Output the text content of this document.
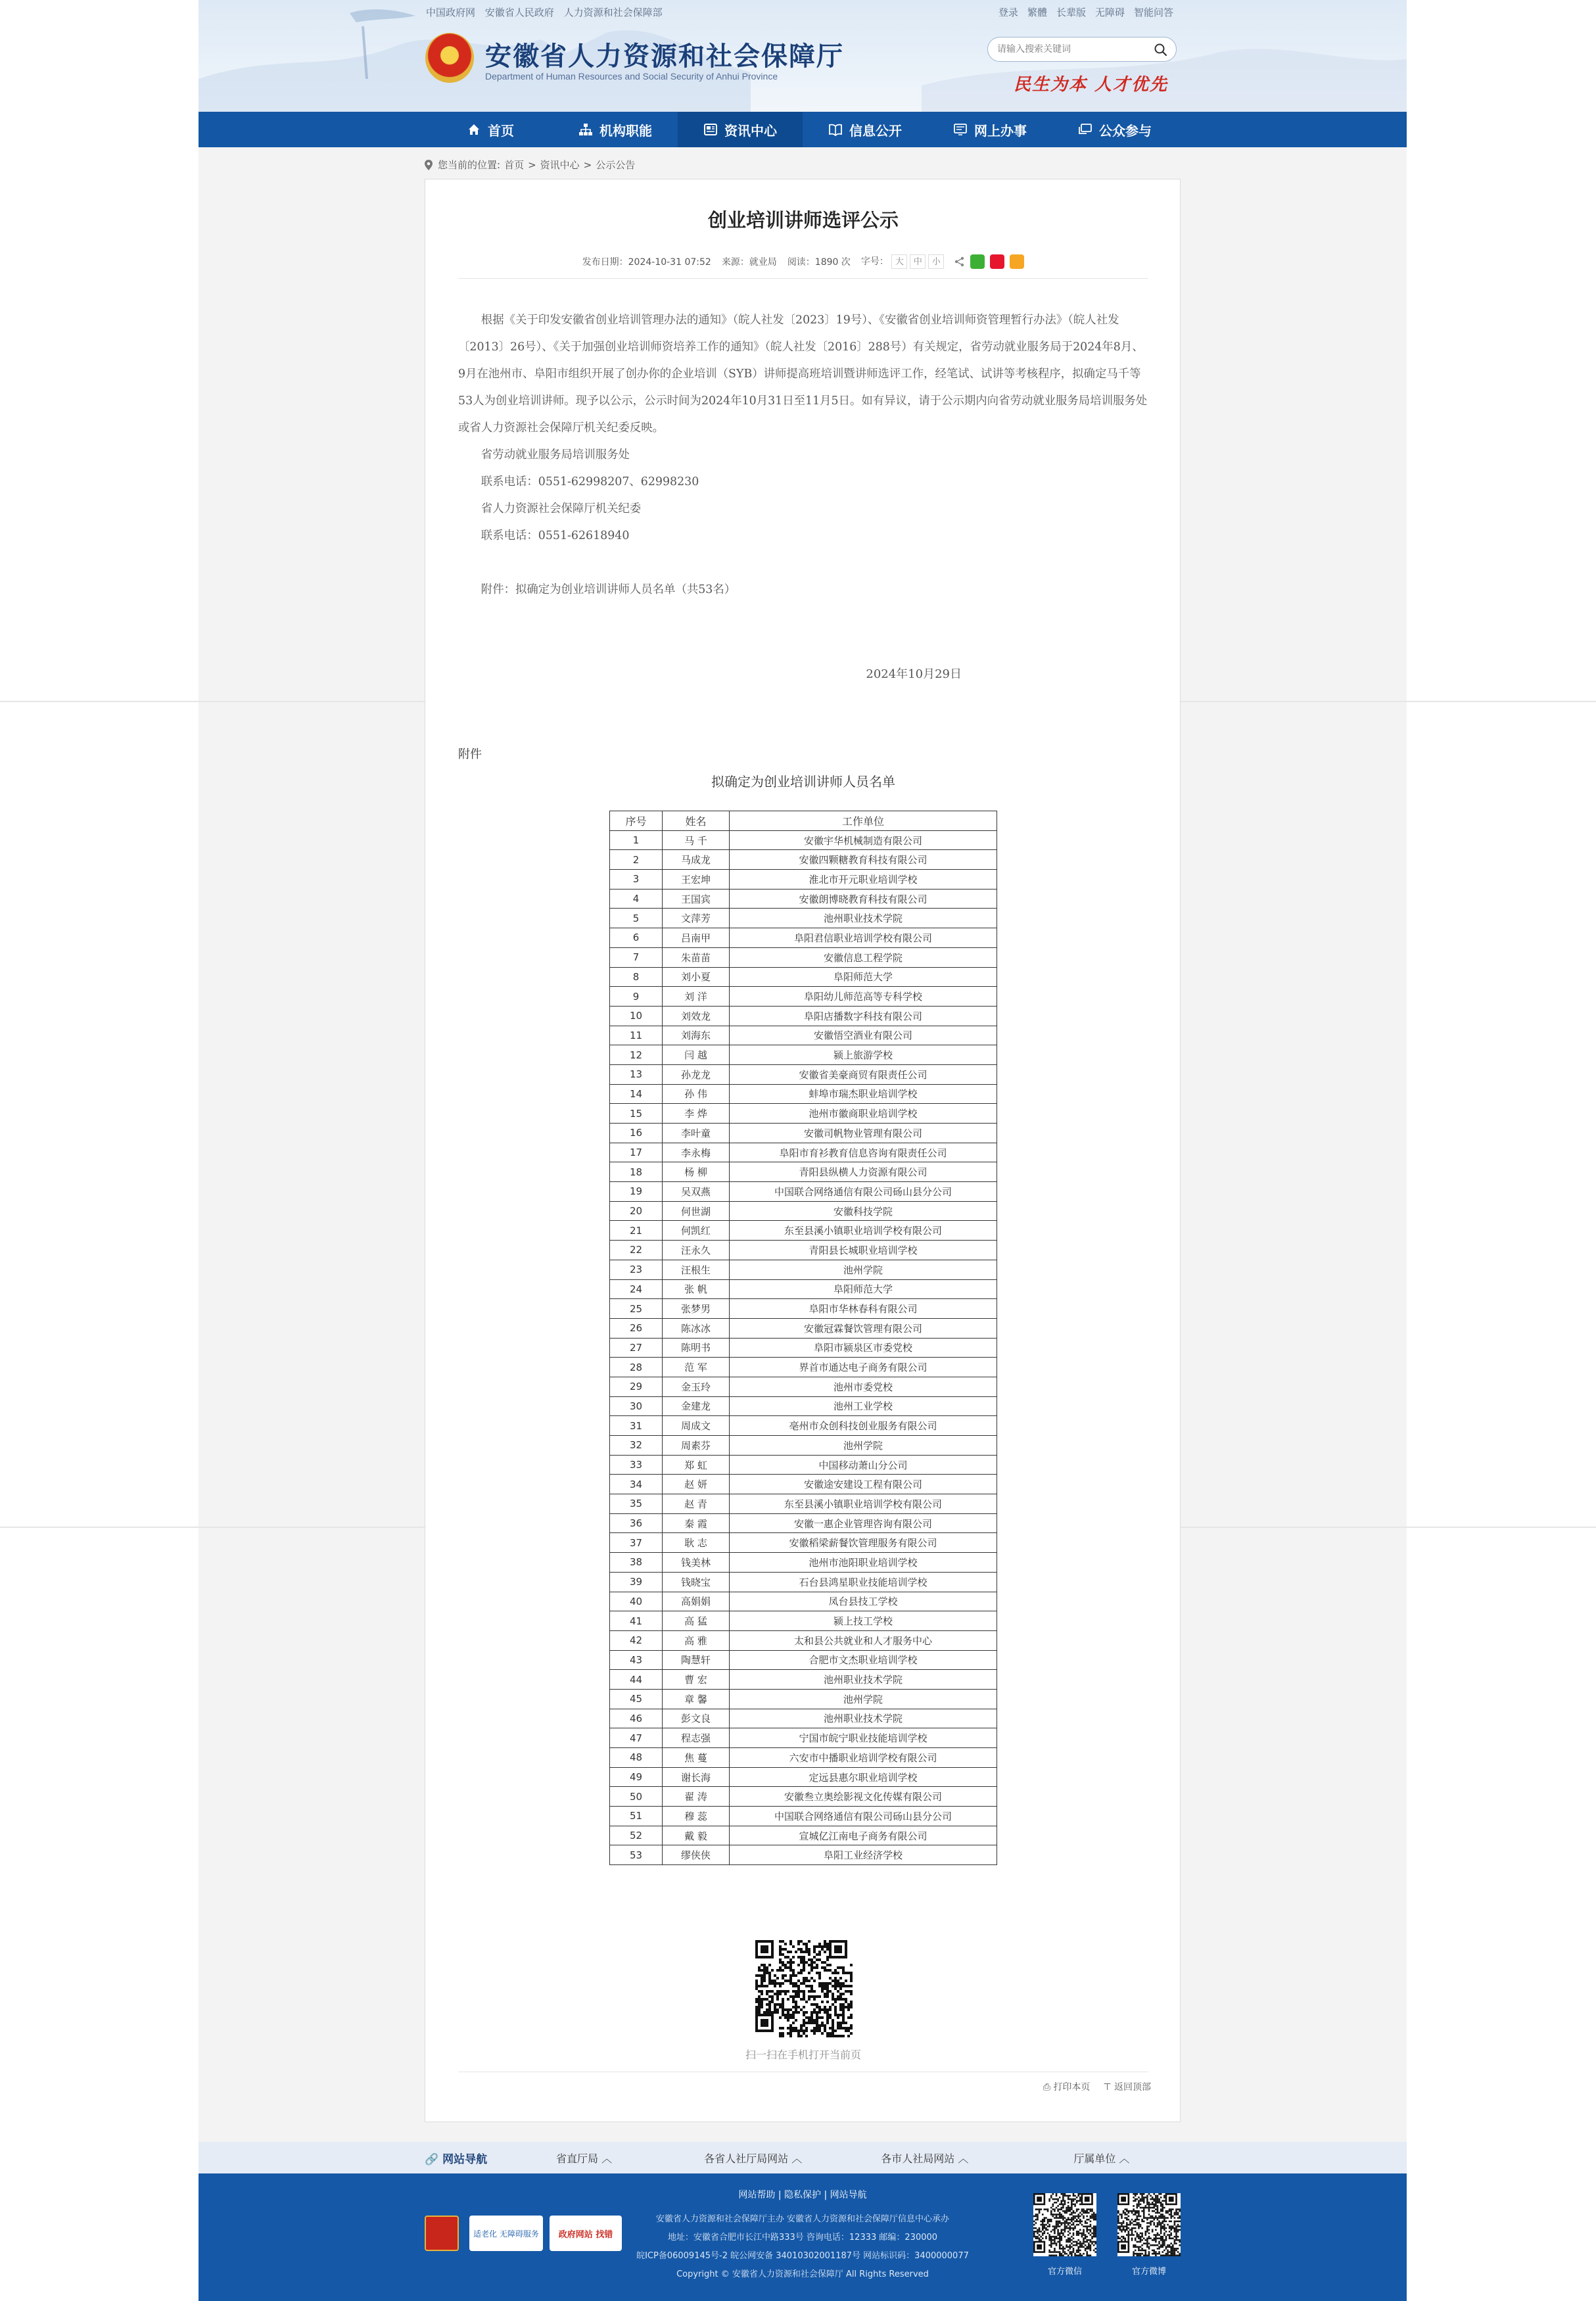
中国政府网 安徽省人民政府 人力资源和社会保障部	登录 繁體 长辈版 无障碍 智能问答
安徽省人力资源和社会保障厅
Department of Human Resources and Social Security of Anhui Province
请输入搜索关键词	民生为本 人才优先
首页	机构职能	资讯中心	信息公开	网上办事	公众参与
您当前的位置: 首页 > 资讯中心 > 公示公告
创业培训讲师选评公示
发布日期：2024-10-31 07:52 来源：就业局 阅读：1890 次 字号： 大	中	小

根据《关于印发安徽省创业培训管理办法的通知》（皖人社发〔2023〕19号）、《安徽省创业培训师资管理暂行办法》（皖人社发〔2013〕26号）、《关于加强创业培训师资培养工作的通知》（皖人社发〔2016〕288号）有关规定，省劳动就业服务局于2024年8月、9月在池州市、阜阳市组织开展了创办你的企业培训（SYB）讲师提高班培训暨讲师选评工作，经笔试、试讲等考核程序，拟确定马千等53人为创业培训讲师。现予以公示，公示时间为2024年10月31日至11月5日。如有异议，请于公示期内向省劳动就业服务局培训服务处或省人力资源社会保障厅机关纪委反映。

省劳动就业服务局培训服务处
联系电话：0551-62998207、62998230
省人力资源社会保障厅机关纪委
联系电话：0551-62618940
附件：拟确定为创业培训讲师人员名单（共53名）
2024年10月29日
附件
拟确定为创业培训讲师人员名单
序号	姓名	工作单位
1	马 千	安徽宇华机械制造有限公司
2	马成龙	安徽四颗糖教育科技有限公司
3	王宏坤	淮北市开元职业培训学校
4	王国宾	安徽朗博晓教育科技有限公司
5	文萍芳	池州职业技术学院
6	吕南甲	阜阳君信职业培训学校有限公司
7	朱苗苗	安徽信息工程学院
8	刘小夏	阜阳师范大学
9	刘 洋	阜阳幼儿师范高等专科学校
10	刘效龙	阜阳店播数字科技有限公司
11	刘海东	安徽悟空酒业有限公司
12	闫 越	颍上旅游学校
13	孙龙龙	安徽省美豪商贸有限责任公司
14	孙 伟	蚌埠市瑞杰职业培训学校
15	李 烨	池州市徽商职业培训学校
16	李叶童	安徽司帆物业管理有限公司
17	李永梅	阜阳市育衫教育信息咨询有限责任公司
18	杨 柳	青阳县纵横人力资源有限公司
19	吴双燕	中国联合网络通信有限公司砀山县分公司
20	何世湖	安徽科技学院
21	何凯红	东至县溪小镇职业培训学校有限公司
22	汪永久	青阳县长城职业培训学校
23	汪根生	池州学院
24	张 帆	阜阳师范大学
25	张梦男	阜阳市华林春科有限公司
26	陈冰冰	安徽冠霖餐饮管理有限公司
27	陈明书	阜阳市颍泉区市委党校
28	范 军	界首市通达电子商务有限公司
29	金玉玲	池州市委党校
30	金建龙	池州工业学校
31	周成文	亳州市众创科技创业服务有限公司
32	周素芬	池州学院
33	郑 虹	中国移动萧山分公司
34	赵 妍	安徽途安建设工程有限公司
35	赵 青	东至县溪小镇职业培训学校有限公司
36	秦 霞	安徽一惠企业管理咨询有限公司
37	耿 志	安徽稻梁薪餐饮管理服务有限公司
38	钱美林	池州市池阳职业培训学校
39	钱晓宝	石台县鸿星职业技能培训学校
40	高娟娟	凤台县技工学校
41	高 猛	颍上技工学校
42	高 雅	太和县公共就业和人才服务中心
43	陶慧轩	合肥市文杰职业培训学校
44	曹 宏	池州职业技术学院
45	章 馨	池州学院
46	彭文良	池州职业技术学院
47	程志强	宁国市皖宁职业技能培训学校
48	焦 蔓	六安市中播职业培训学校有限公司
49	谢长海	定远县惠尔职业培训学校
50	翟 涛	安徽叁立奥绘影视文化传媒有限公司
51	穆 蕊	中国联合网络通信有限公司砀山县分公司
52	戴 毅	宣城亿江南电子商务有限公司
53	缪侠侠	阜阳工业经济学校
扫一扫在手机打开当前页
⎙ 打印本页 ⊤ 返回顶部
🔗 网站导航	省直厅局 ︿	各省人社厅局网站 ︿	各市人社局网站 ︿	厅属单位 ︿
网站帮助 | 隐私保护 | 网站导航
安徽省人力资源和社会保障厅主办 安徽省人力资源和社会保障厅信息中心承办
地址：安徽省合肥市长江中路333号 咨询电话：12333 邮编：230000
皖ICP备06009145号-2 皖公网安备 34010302001187号 网站标识码：3400000077
Copyright © 安徽省人力资源和社会保障厅 All Rights Reserved
适老化 无障碍服务 政府网站 找错
官方微信	官方微博
